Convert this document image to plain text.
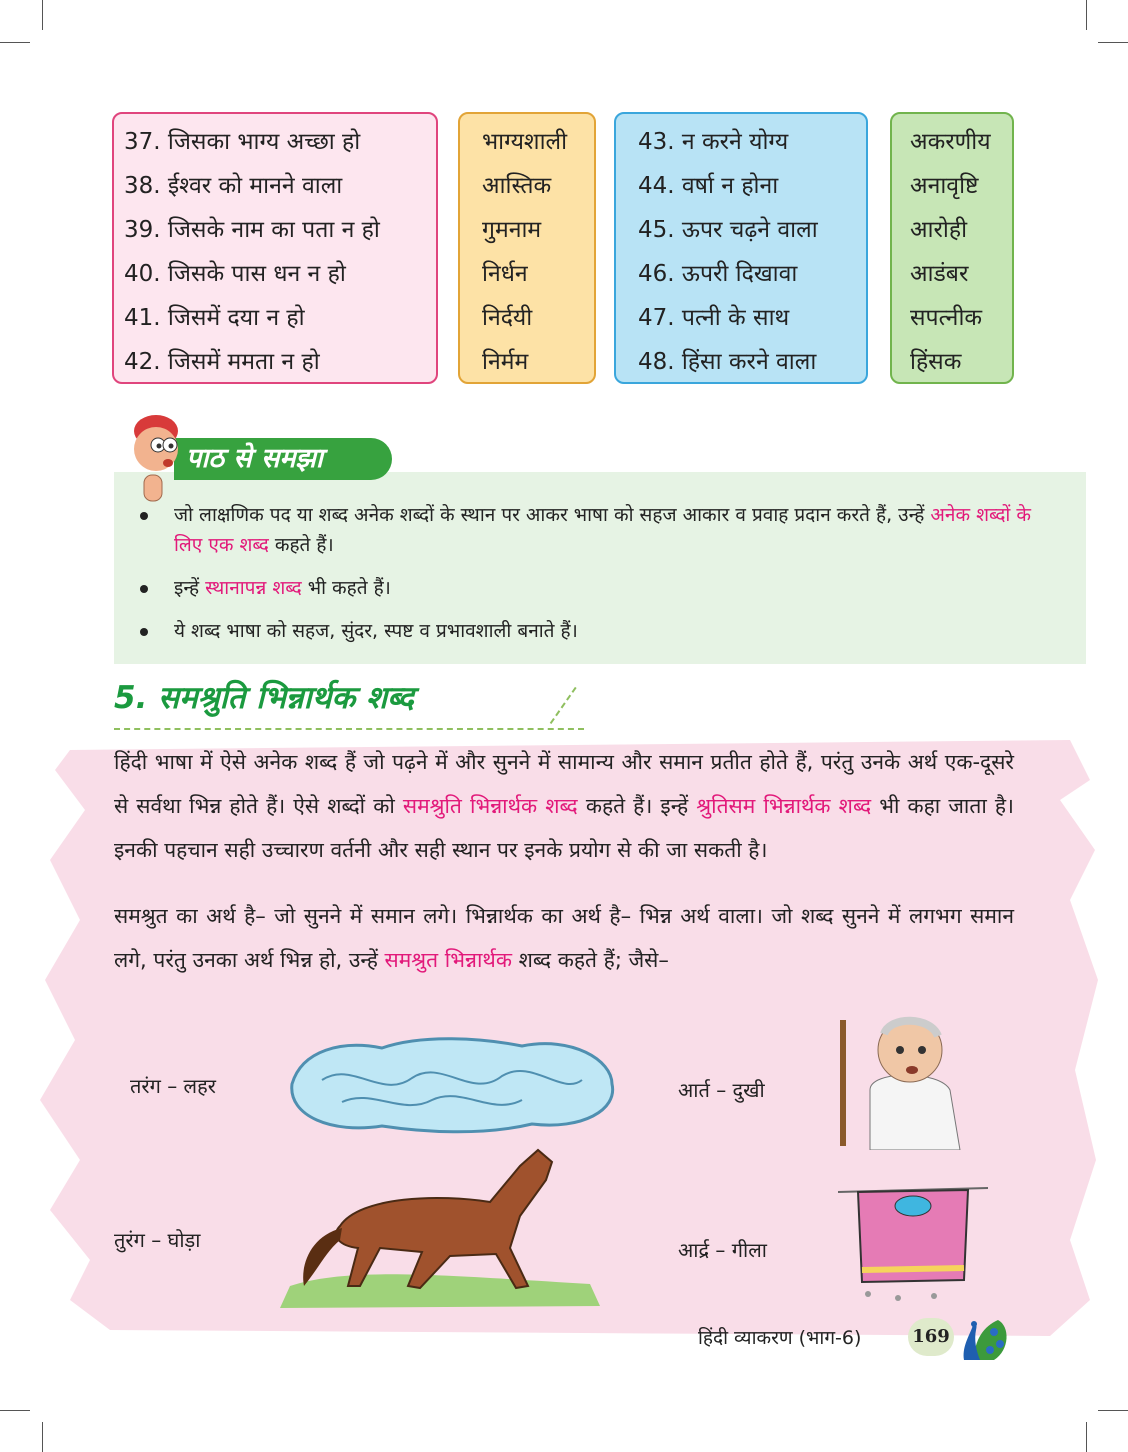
37. जिसका भाग्य अच्छा हो
38. ईश्वर को मानने वाला
39. जिसके नाम का पता न हो
40. जिसके पास धन न हो
41. जिसमें दया न हो
42. जिसमें ममता न हो
भाग्यशाली
आस्तिक
गुमनाम
निर्धन
निर्दयी
निर्मम
43. न करने योग्य
44. वर्षा न होना
45. ऊपर चढ़ने वाला
46. ऊपरी दिखावा
47. पत्नी के साथ
48. हिंसा करने वाला
अकरणीय
अनावृष्टि
आरोही
आडंबर
सपत्नीक
हिंसक
पाठ से समझा
जो लाक्षणिक पद या शब्द अनेक शब्दों के स्थान पर आकर भाषा को सहज आकार व प्रवाह प्रदान करते हैं, उन्हें अनेक शब्दों के लिए एक शब्द कहते हैं।
इन्हें स्थानापन्न शब्द भी कहते हैं।
ये शब्द भाषा को सहज, सुंदर, स्पष्ट व प्रभावशाली बनाते हैं।
5. समश्रुति भिन्नार्थक शब्द
हिंदी भाषा में ऐसे अनेक शब्द हैं जो पढ़ने में और सुनने में सामान्य और समान प्रतीत होते हैं, परंतु उनके अर्थ एक-दूसरे से सर्वथा भिन्न होते हैं। ऐसे शब्दों को समश्रुति भिन्नार्थक शब्द कहते हैं। इन्हें श्रुतिसम भिन्नार्थक शब्द भी कहा जाता है। इनकी पहचान सही उच्चारण वर्तनी और सही स्थान पर इनके प्रयोग से की जा सकती है।
समश्रुत का अर्थ है– जो सुनने में समान लगे। भिन्नार्थक का अर्थ है– भिन्न अर्थ वाला। जो शब्द सुनने में लगभग समान लगे, परंतु उनका अर्थ भिन्न हो, उन्हें समश्रुत भिन्नार्थक शब्द कहते हैं; जैसे–
तरंग – लहर
तुरंग – घोड़ा
आर्त – दुखी
आर्द्र – गीला
हिंदी व्याकरण (भाग-6)	169
